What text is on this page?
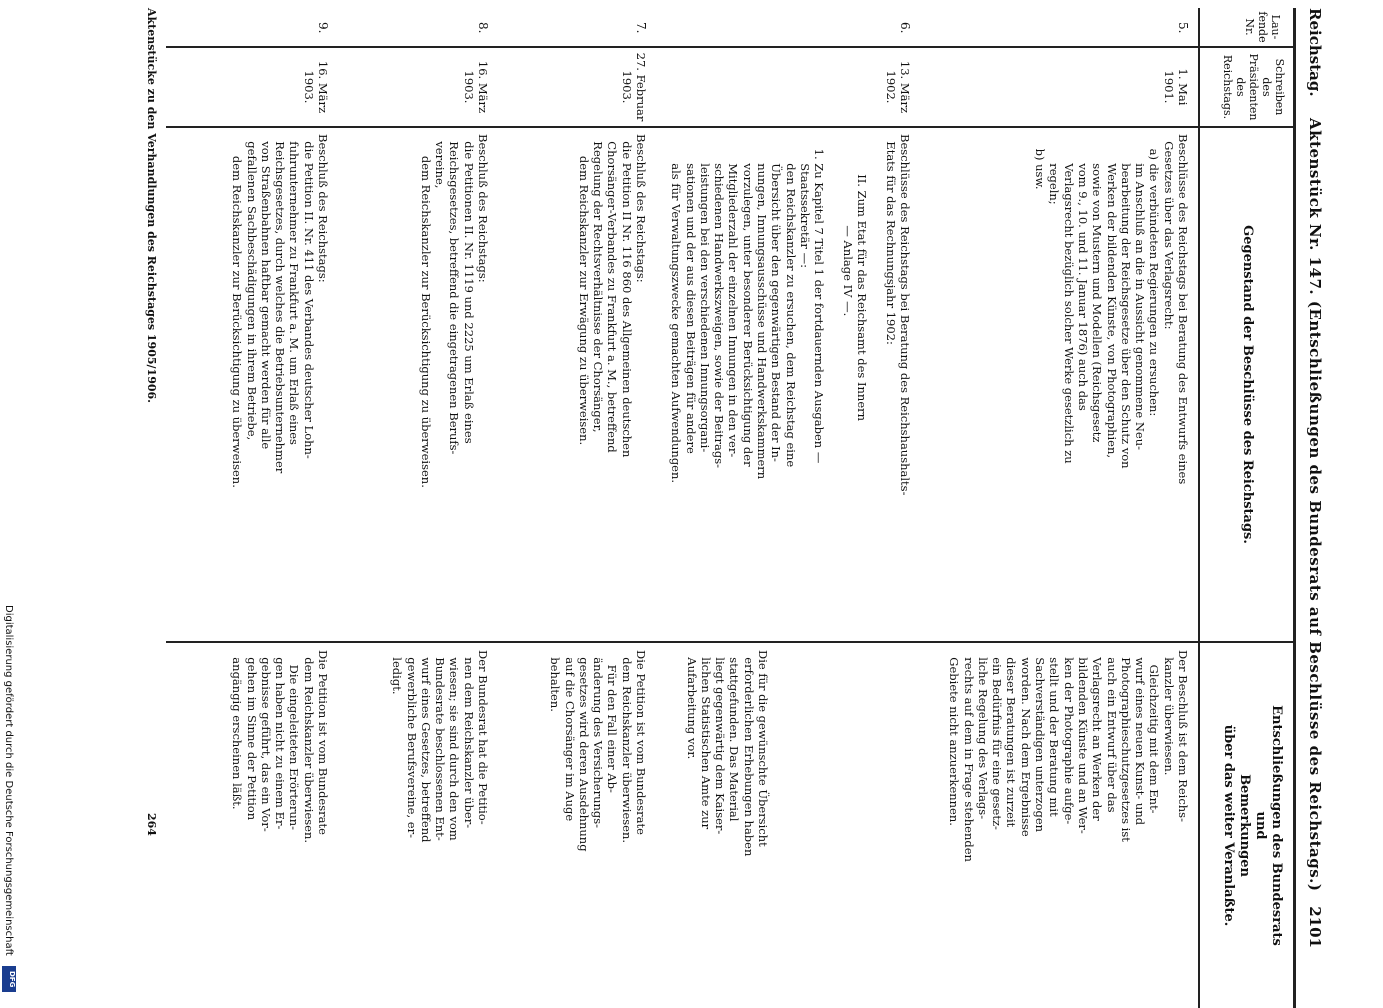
Reichstag.
Aktenstück Nr. 147. (Entschließungen des Bundesrats auf Beschlüsse des Reichstags.)
2101
Lau-
fende
Nr.
Schreiben
des
Präsidenten
des
Reichstags.
Gegenstand der Beschlüsse des Reichstags.
Entschließungen des Bundesrats
und
Bemerkungen
über das weiter Veranlaßte.
5.
1. Mai
1901.
Beschlüsse des Reichstags bei Beratung des Entwurfs eines
Gesetzes über das Verlagsrecht:
a) die verbündeten Regierungen zu ersuchen:
im Anschluß an die in Aussicht genommene Neu-
bearbeitung der Reichsgesetze über den Schutz von
Werken der bildenden Künste, von Photographien,
sowie von Mustern und Modellen (Reichsgesetz
vom 9., 10. und 11. Januar 1876) auch das
Verlagsrecht bezüglich solcher Werke gesetzlich zu
regeln;
b) usw.
Der Beschluß ist dem Reichs-
kanzler überwiesen.
Gleichzeitig mit dem Ent-
wurf eines neuen Kunst- und
Photographieschutzgesetzes ist
auch ein Entwurf über das
Verlagsrecht an Werken der
bildenden Künste und an Wer-
ken der Photographie aufge-
stellt und der Beratung mit
Sachverständigen unterzogen
worden. Nach dem Ergebnisse
dieser Beratungen ist zurzeit
ein Bedürfnis für eine gesetz-
liche Regelung des Verlags-
rechts auf dem in Frage stehenden
Gebiete nicht anzuerkennen.
6.
13. März
1902.
Beschlüsse des Reichstags bei Beratung des Reichshaushalts-
Etats für das Rechnungsjahr 1902:

II. Zum Etat für das Reichsamt des Innern
— Anlage IV —.

1. Zu Kapitel 7 Titel 1 der fortdauernden Ausgaben —
Staatssekretär —:
den Reichskanzler zu ersuchen, dem Reichstag eine
Übersicht über den gegenwärtigen Bestand der In-
nungen, Innungsausschüsse und Handwerkskammern
vorzulegen, unter besonderer Berücksichtigung der
Mitgliederzahl der einzelnen Innungen in den ver-
schiedenen Handwerkszweigen, sowie der Beitrags-
leistungen bei den verschiedenen Innungsorgani-
sationen und der aus diesen Beiträgen für andere
als für Verwaltungszwecke gemachten Aufwendungen.
Die für die gewünschte Übersicht
erforderlichen Erhebungen haben
stattgefunden. Das Material
liegt gegenwärtig dem Kaiser-
lichen Statistischen Amte zur
Aufarbeitung vor.
7.
27. Februar
1903.
Beschluß des Reichstags:
die Petition II Nr. 116 860 des Allgemeinen deutschen
Chorsänger-Verbandes zu Frankfurt a. M., betreffend
Regelung der Rechtsverhältnisse der Chorsänger,
dem Reichskanzler zur Erwägung zu überweisen.
Die Petition ist vom Bundesrate
dem Reichskanzler überwiesen.
Für den Fall einer Ab-
änderung des Versicherungs-
gesetzes wird deren Ausdehnung
auf die Chorsänger im Auge
behalten.
8.
16. März
1903.
Beschluß des Reichstags:
die Petitionen II. Nr. 1119 und 2225 um Erlaß eines
Reichsgesetzes, betreffend die eingetragenen Berufs-
vereine,
dem Reichskanzler zur Berücksichtigung zu überweisen.
Der Bundesrat hat die Petitio-
nen dem Reichskanzler über-
wiesen; sie sind durch den vom
Bundesrate beschlossenen Ent-
wurf eines Gesetzes, betreffend
gewerbliche Berufsvereine, er-
ledigt.
9.
16. März
1903.
Beschluß des Reichstags:
die Petition II. Nr. 411 des Verbandes deutscher Lohn-
fuhrunternehmer zu Frankfurt a. M. um Erlaß eines
Reichsgesetzes, durch welches die Betriebsunternehmer
von Straßenbahnen haftbar gemacht werden für alle
gefallenen Sachbeschädigungen in ihrem Betriebe,
dem Reichskanzler zur Berücksichtigung zu überweisen.
Die Petition ist vom Bundesrate
dem Reichskanzler überwiesen.
Die eingeleiteten Erörterun-
gen haben nicht zu einem Er-
gebnisse geführt, das ein Vor-
gehen im Sinne der Petition
angängig erscheinen läßt.
Aktenstücke zu den Verhandlungen des Reichstages 1905/1906.
264
Digitalisierung gefördert durch die Deutsche Forschungsgemeinschaft
DFG
